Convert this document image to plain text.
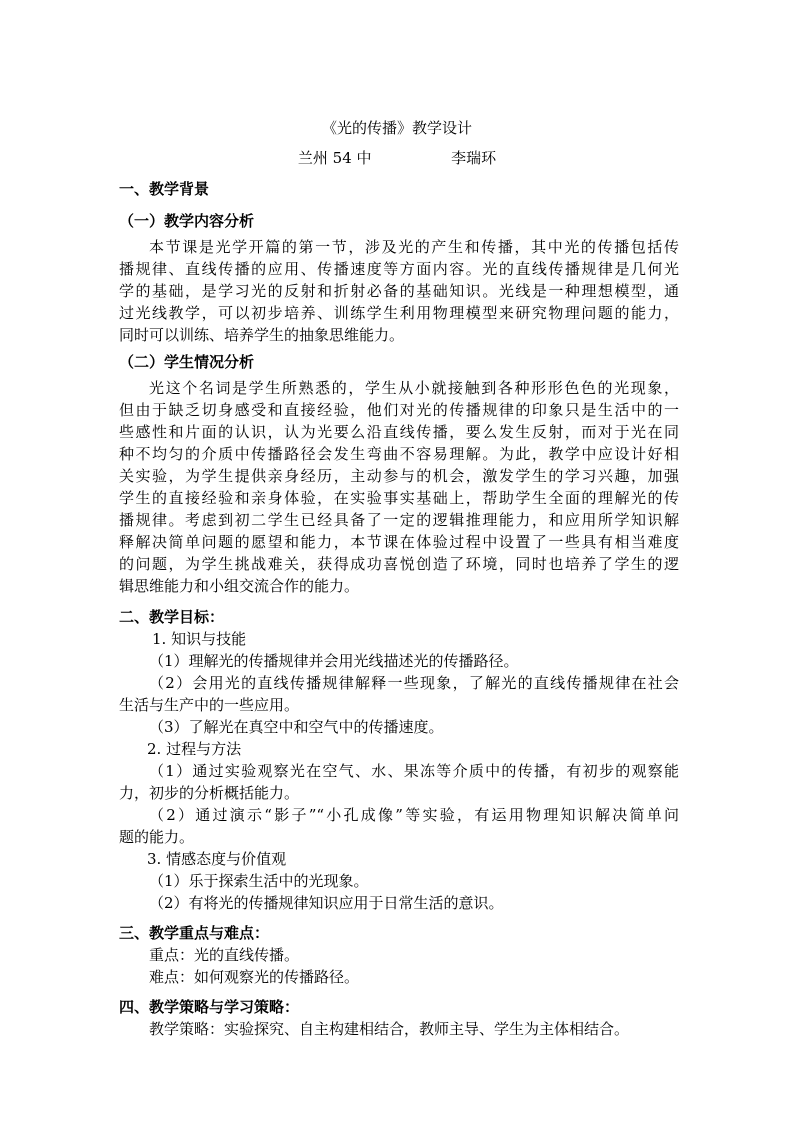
《光的传播》教学设计
兰州 54 中	李瑞环
一、教学背景
（一）教学内容分析
本节课是光学开篇的第一节，涉及光的产生和传播，其中光的传播包括传
播规律、直线传播的应用、传播速度等方面内容。光的直线传播规律是几何光
学的基础，是学习光的反射和折射必备的基础知识。光线是一种理想模型，通
过光线教学，可以初步培养、训练学生利用物理模型来研究物理问题的能力，
同时可以训练、培养学生的抽象思维能力。
（二）学生情况分析
光这个名词是学生所熟悉的，学生从小就接触到各种形形色色的光现象，
但由于缺乏切身感受和直接经验，他们对光的传播规律的印象只是生活中的一
些感性和片面的认识，认为光要么沿直线传播，要么发生反射，而对于光在同
种不均匀的介质中传播路径会发生弯曲不容易理解。为此，教学中应设计好相
关实验，为学生提供亲身经历，主动参与的机会，激发学生的学习兴趣，加强
学生的直接经验和亲身体验，在实验事实基础上，帮助学生全面的理解光的传
播规律。考虑到初二学生已经具备了一定的逻辑推理能力，和应用所学知识解
释解决简单问题的愿望和能力，本节课在体验过程中设置了一些具有相当难度
的问题，为学生挑战难关，获得成功喜悦创造了环境，同时也培养了学生的逻
辑思维能力和小组交流合作的能力。
二、教学目标：
1. 知识与技能
（1）理解光的传播规律并会用光线描述光的传播路径。
（2）会用光的直线传播规律解释一些现象，了解光的直线传播规律在社会
生活与生产中的一些应用。
（3）了解光在真空中和空气中的传播速度。
2. 过程与方法
（1）通过实验观察光在空气、水、果冻等介质中的传播，有初步的观察能
力，初步的分析概括能力。
（2）通过演示“影子”“小孔成像”等实验，有运用物理知识解决简单问
题的能力。
3. 情感态度与价值观
（1）乐于探索生活中的光现象。
（2）有将光的传播规律知识应用于日常生活的意识。
三、教学重点与难点：
重点：光的直线传播。
难点：如何观察光的传播路径。
四、教学策略与学习策略：
教学策略：实验探究、自主构建相结合，教师主导、学生为主体相结合。
